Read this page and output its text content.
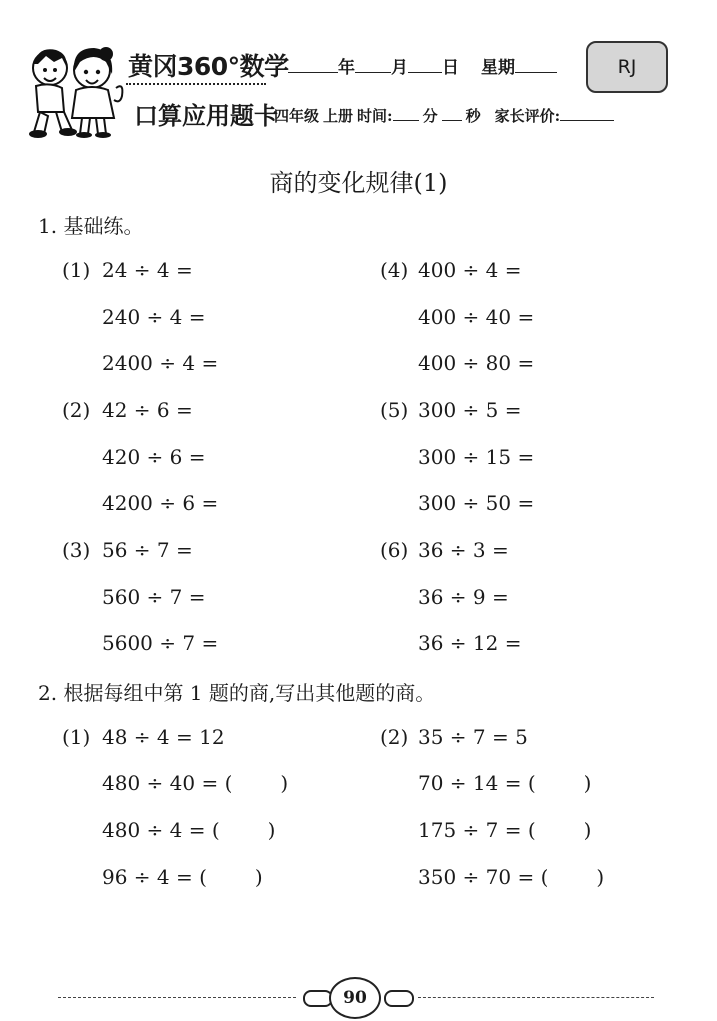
黄冈360°数学
口算应用题卡
年 月 日 星期	RJ
四年级 上册 时间: 分 秒 家长评价:
商的变化规律(1)
1. 基础练。
(1) 24 ÷ 4 =
240 ÷ 4 =
2400 ÷ 4 =
(2) 42 ÷ 6 =
420 ÷ 6 =
4200 ÷ 6 =
(3) 56 ÷ 7 =
560 ÷ 7 =
5600 ÷ 7 =
(4) 400 ÷ 4 =
400 ÷ 40 =
400 ÷ 80 =
(5) 300 ÷ 5 =
300 ÷ 15 =
300 ÷ 50 =
(6) 36 ÷ 3 =
36 ÷ 9 =
36 ÷ 12 =
2. 根据每组中第 1 题的商,写出其他题的商。
(1) 48 ÷ 4 = 12
480 ÷ 40 = ( )
480 ÷ 4 = ( )
96 ÷ 4 = ( )
(2) 35 ÷ 7 = 5
70 ÷ 14 = ( )
175 ÷ 7 = ( )
350 ÷ 70 = ( )
90
